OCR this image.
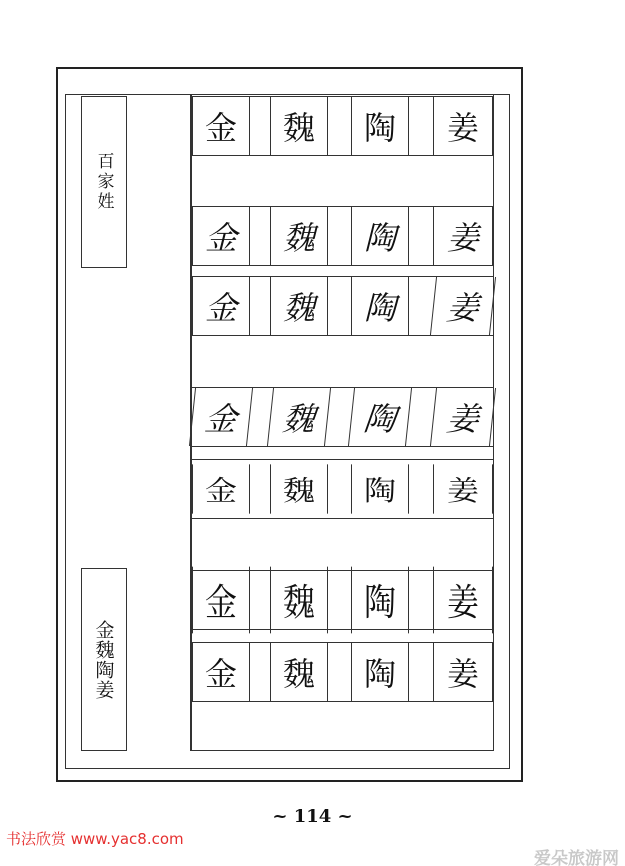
百家姓
金魏陶姜
金	魏	陶	姜
金	魏	陶	姜
金	魏	陶	姜
金	魏	陶	姜
金	魏	陶	姜
金	魏	陶	姜
金	魏	陶	姜
~ 114 ~
书法欣赏 www.yac8.com
爱朵旅游网
